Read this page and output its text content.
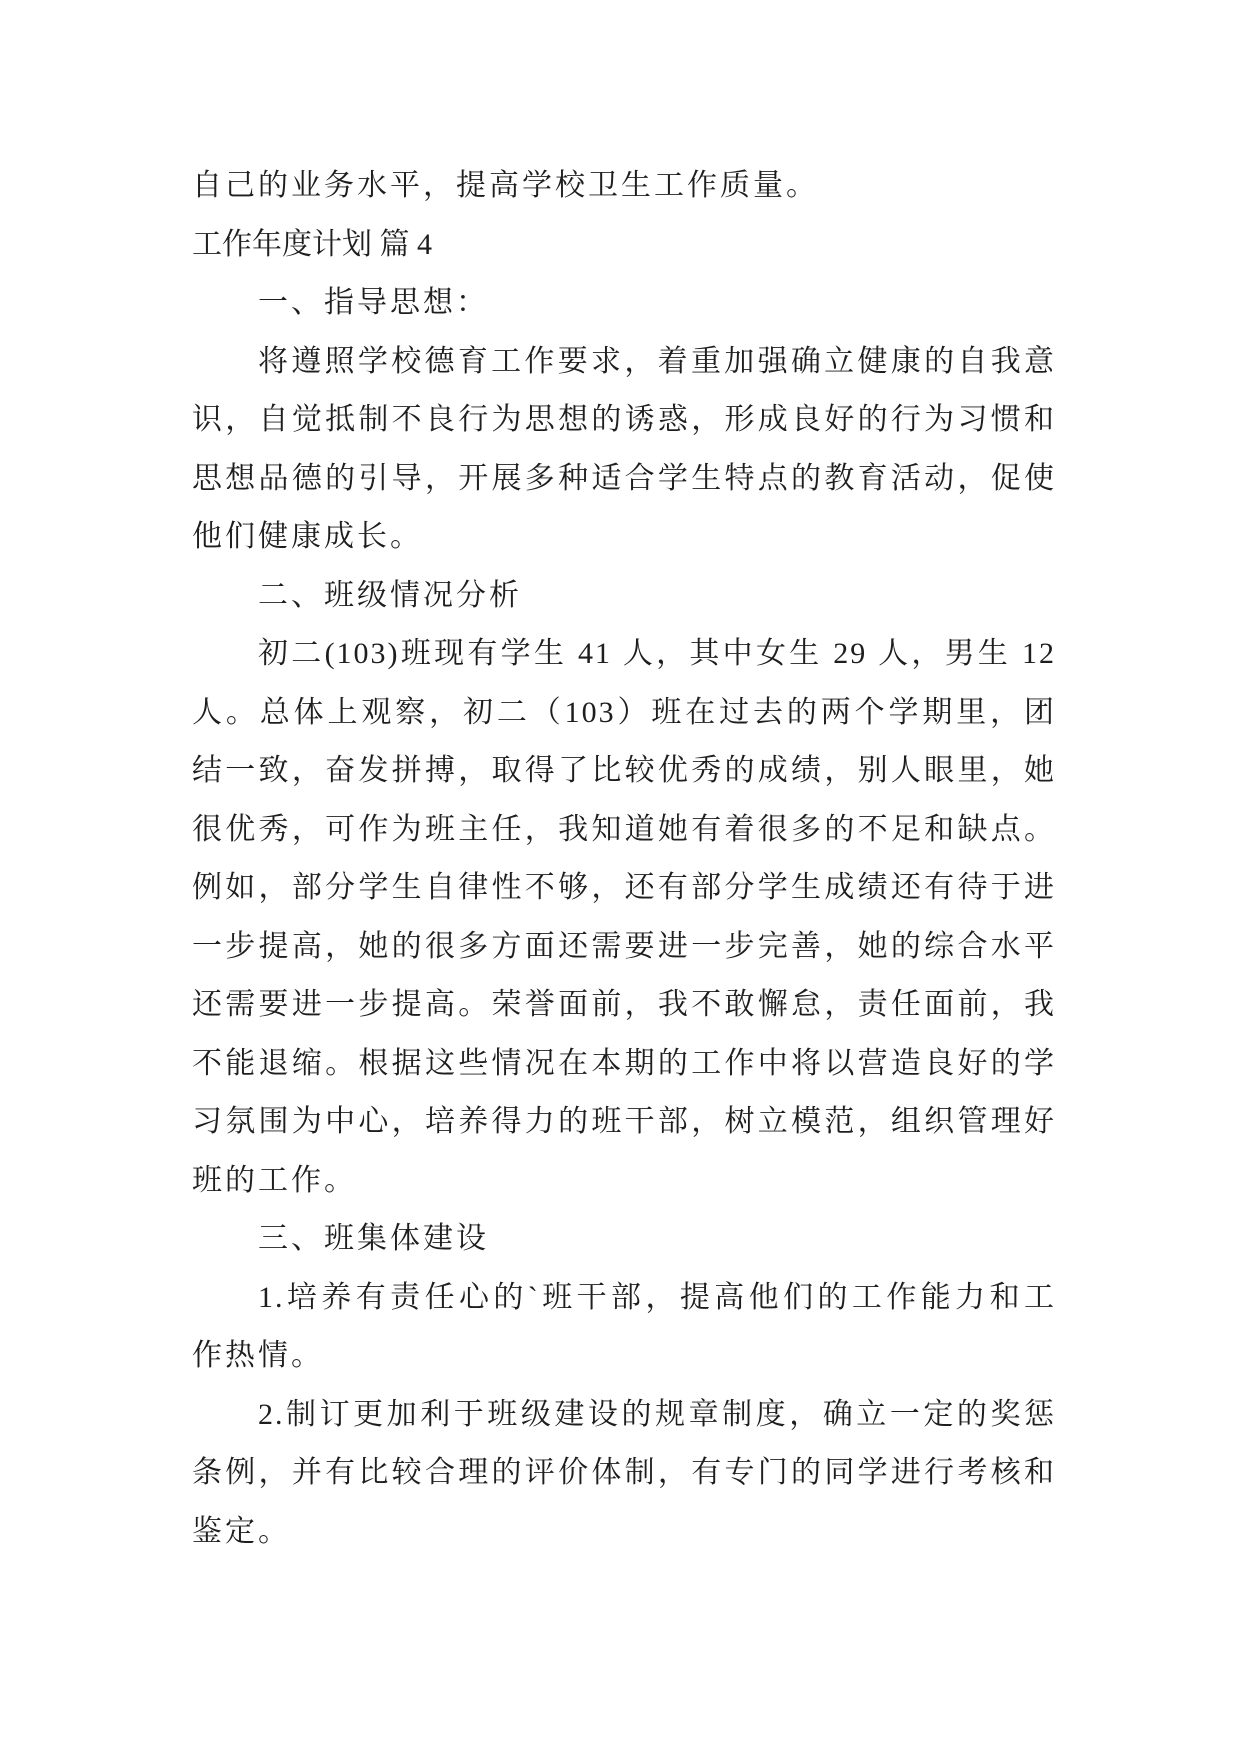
自己的业务水平，提高学校卫生工作质量。
工作年度计划 篇 4
一、指导思想：
将遵照学校德育工作要求，着重加强确立健康的自我意
识，自觉抵制不良行为思想的诱惑，形成良好的行为习惯和
思想品德的引导，开展多种适合学生特点的教育活动，促使
他们健康成长。
二、班级情况分析
初二(103)班现有学生 41 人，其中女生 29 人，男生 12
人。总体上观察，初二（103）班在过去的两个学期里，团
结一致，奋发拼搏，取得了比较优秀的成绩，别人眼里，她
很优秀，可作为班主任，我知道她有着很多的不足和缺点。
例如，部分学生自律性不够，还有部分学生成绩还有待于进
一步提高，她的很多方面还需要进一步完善，她的综合水平
还需要进一步提高。荣誉面前，我不敢懈怠，责任面前，我
不能退缩。根据这些情况在本期的工作中将以营造良好的学
习氛围为中心，培养得力的班干部，树立模范，组织管理好
班的工作。
三、班集体建设
1.培养有责任心的`班干部，提高他们的工作能力和工
作热情。
2.制订更加利于班级建设的规章制度，确立一定的奖惩
条例，并有比较合理的评价体制，有专门的同学进行考核和
鉴定。
